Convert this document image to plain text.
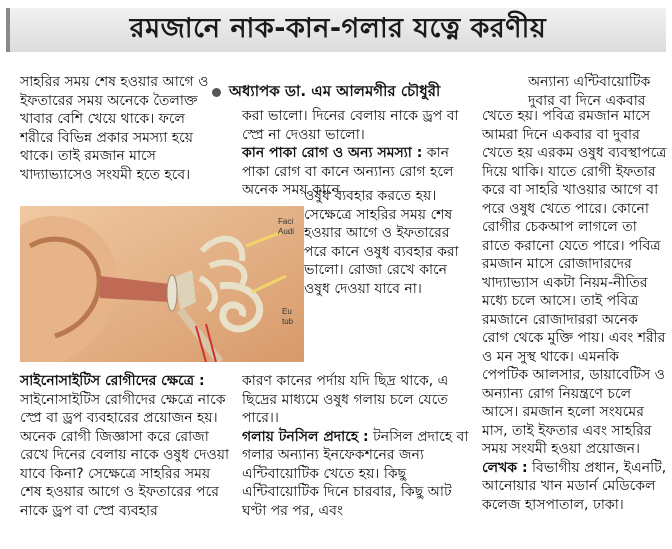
রমজানে নাক-কান-গলার যত্নে করণীয়
অধ্যাপক ডা. এম আলমগীর চৌধুরী

সাহরির সময় শেষ হওয়ার আগে ও ইফতারের সময় অনেকে তৈলাক্ত খাবার বেশি খেয়ে থাকে। ফলে শরীরে বিভিন্ন প্রকার সমস্যা হয়ে থাকে। তাই রমজান মাসে খাদ্যাভ্যাসেও সংযমী হতে হবে।

Faci
Audi
Eu
tub

সাইনোসাইটিস রোগীদের ক্ষেত্রে : সাইনোসাইটিস রোগীদের ক্ষেত্রে নাকে স্প্রে বা ড্রপ ব্যবহারের প্রয়োজন হয়। অনেক রোগী জিজ্ঞাসা করে রোজা রেখে দিনের বেলায় নাকে ওষুধ দেওয়া যাবে কিনা? সেক্ষেত্রে সাহরির সময় শেষ হওয়ার আগে ও ইফতারের পরে নাকে ড্রপ বা স্প্রে ব্যবহার

করা ভালো। দিনের বেলায় নাকে ড্রপ বা স্প্রে না দেওয়া ভালো।

কান পাকা রোগ ও অন্য সমস্যা : কান পাকা রোগ বা কানে অন্যান্য রোগ হলে অনেক সময় কানে

ওষুধ ব্যবহার করতে হয়। সেক্ষেত্রে সাহরির সময় শেষ হওয়ার আগে ও ইফতারের পরে কানে ওষুধ ব্যবহার করা ভালো। রোজা রেখে কানে ওষুধ দেওয়া যাবে না।

কারণ কানের পর্দায় যদি ছিদ্র থাকে, এ ছিদ্রের মাধ্যমে ওষুধ গলায় চলে যেতে পারে।।

গলায় টনসিল প্রদাহে : টনসিল প্রদাহে বা গলার অন্যান্য ইনফেকশনের জন্য এন্টিবায়োটিক খেতে হয়। কিছু এন্টিবায়োটিক দিনে চারবার, কিছু আট ঘণ্টা পর পর, এবং

অন্যান্য এন্টিবায়োটিক দুবার বা দিনে একবার

খেতে হয়। পবিত্র রমজান মাসে আমরা দিনে একবার বা দুবার খেতে হয় এরকম ওষুধ ব্যবস্থাপত্রে দিয়ে থাকি। যাতে রোগী ইফতার করে বা সাহরি খাওয়ার আগে বা পরে ওষুধ খেতে পারে। কোনো রোগীর চেকআপ লাগলে তা রাতে করানো যেতে পারে। পবিত্র রমজান মাসে রোজাদারদের খাদ্যাভ্যাস একটা নিয়ম-নীতির মধ্যে চলে আসে। তাই পবিত্র রমজানে রোজাদাররা অনেক রোগ থেকে মুক্তি পায়। এবং শরীর ও মন সুস্থ থাকে। এমনকি পেপটিক আলসার, ডায়াবেটিস ও অন্যান্য রোগ নিয়ন্ত্রণে চলে আসে। রমজান হলো সংযমের মাস, তাই ইফতার এবং সাহরির সময় সংযমী হওয়া প্রয়োজন।

লেখক : বিভাগীয় প্রধান, ইএনটি, আনোয়ার খান মডার্ন মেডিকেল কলেজ হাসপাতাল, ঢাকা।
